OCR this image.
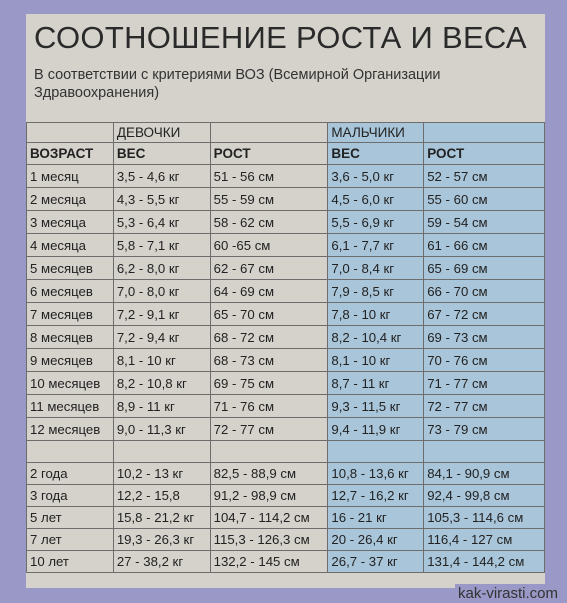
СООТНОШЕНИЕ РОСТА И ВЕСА
В соответствии с критериями ВОЗ (Всемирной Организации Здравоохранения)
	ДЕВОЧКИ		МАЛЬЧИКИ	
ВОЗРАСТ	ВЕС	РОСТ	ВЕС	РОСТ
1 месяц	3,5 - 4,6 кг	51 - 56 см	3,6 - 5,0 кг	52 - 57 см
2 месяца	4,3 - 5,5 кг	55 - 59 см	4,5 - 6,0 кг	55 - 60 см
3 месяца	5,3 - 6,4 кг	58 - 62 см	5,5 - 6,9 кг	59 - 54 см
4 месяца	5,8 - 7,1 кг	60 -65 см	6,1 - 7,7 кг	61 - 66 см
5 месяцев	6,2 - 8,0 кг	62 - 67 см	7,0 - 8,4 кг	65 - 69 см
6 месяцев	7,0 - 8,0 кг	64 - 69 см	7,9 - 8,5 кг	66 - 70 см
7 месяцев	7,2 - 9,1 кг	65 - 70 см	7,8 - 10 кг	67 - 72 см
8 месяцев	7,2 - 9,4 кг	68 - 72 см	8,2 - 10,4 кг	69 - 73 см
9 месяцев	8,1 - 10 кг	68 - 73 см	8,1 - 10 кг	70 - 76 см
10 месяцев	8,2 - 10,8 кг	69 - 75 см	8,7 - 11 кг	71 - 77 см
11 месяцев	8,9 - 11 кг	71 - 76 см	9,3 - 11,5 кг	72 - 77 см
12 месяцев	9,0 - 11,3 кг	72 - 77 см	9,4 - 11,9 кг	73 - 79 см

2 года	10,2 - 13 кг	82,5 - 88,9 см	10,8 - 13,6 кг	84,1 - 90,9 см
3 года	12,2 - 15,8	91,2 - 98,9 см	12,7 - 16,2 кг	92,4 - 99,8 см
5 лет	15,8 - 21,2 кг	104,7 - 114,2 см	16 - 21 кг	105,3 - 114,6 см
7 лет	19,3 - 26,3 кг	115,3 - 126,3 см	20 - 26,4 кг	116,4 - 127 см
10 лет	27 - 38,2 кг	132,2 - 145 см	26,7 - 37 кг	131,4 - 144,2 см
kak-virasti.com
